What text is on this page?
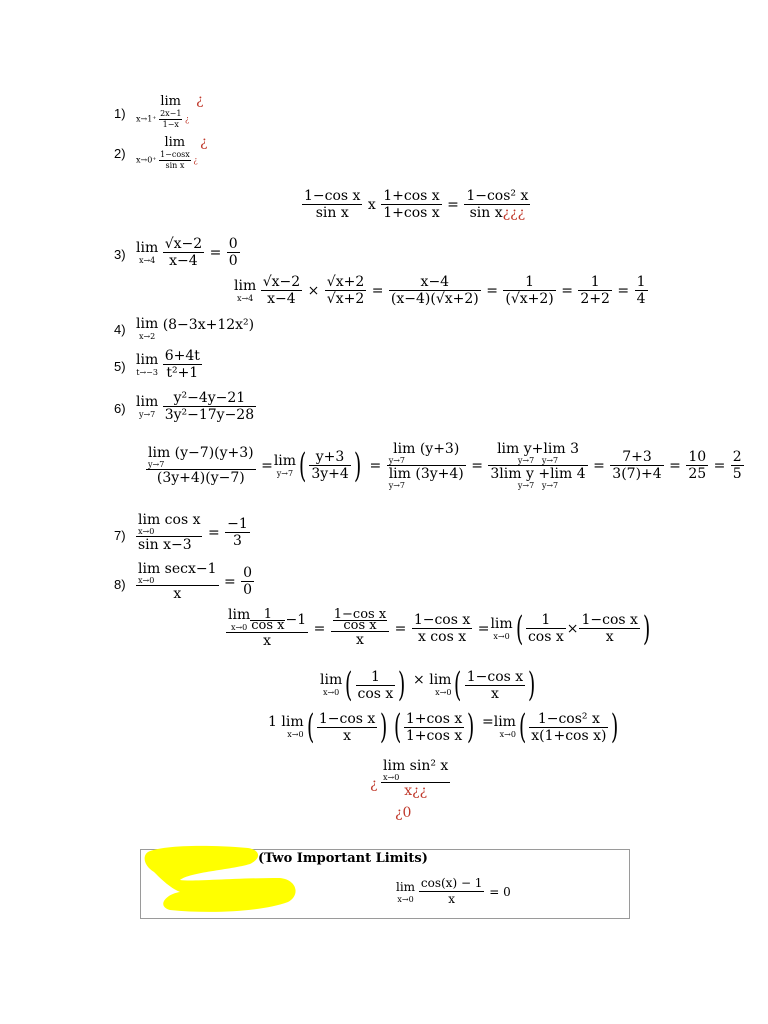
1)
lim
$x\to 1^+ \frac{2x-1}{1-x}$ ¿
¿
2)
lim
$x\to 0^+ \frac{1-\cos x}{\text{sin x}}$ ¿
¿
$\frac{\text{1−cos x}}{\text{sin x}}$ x $\frac{\text{1+cos x}}{\text{1+cos x}} = \frac{\text{1−cos² x}}{\text{sin x¿¿¿}}$
3) lim
x→4
$\frac{√x-2}{x-4} = \frac{0}{0}$
lim
x→4
$\frac{√x-2}{x-4} \times \frac{√x+2}{√x+2} = \frac{x-4}{(x-4)(√x+2)} = \frac{1}{(√x+2)} = \frac{1}{2+2} = \frac{1}{4}$
4) lim
x→2
(8−3x+12x²)
5) lim
t→−3
$\frac{6+4t}{\text{t²+1}}$
6) lim
y→7
$\frac{\text{y²−4y−21}}{\text{3y²−17y−28}}$
lim (y−7)(y+3)

y→7
(3y+4)(y−7)
= lim
y→7 ( $\frac{y+3}{3y+4}$ ) = lim (y+3)
y→7
lim (3y+4)
y→7 = lim y+lim 3
y→7   y→7
3lim y +lim 4
y→7   $y\to 7 = \frac{7+3}{3(7)+4} = \frac{10}{25} = \frac{2}{5}$
7) lim cos x
x→0
$\sin x-3 = \frac{-1}{3}$
8) lim secx−1
x→0
$x = \frac{0}{0}$
lim
$x\to 0 \frac{1}{\text{cos x}} -1$
$x = \frac{\frac{\text{1−cos x}}{\text{cos x}}}{x} = \frac{\text{1−cos x}}{\text{x cos x}} = \lim$
x→0 ( $\frac{1}{\text{cos x}} \times \frac{\text{1−cos x}}{x}$ )
lim
x→0 ( $\frac{1}{\text{cos x}}$ ) × lim
x→0 ( $\frac{\text{1−cos x}}{x}$ )
1 lim
x→0 ( $\frac{\text{1−cos x}}{x}$ ) ( $\frac{\text{1+cos x}}{\text{1+cos x}}$ ) =lim
x→0 ( $\frac{\text{1−cos² x}}{\text{x(1+cos x)}}$ )
¿ lim sin² x
x→0
x¿¿
¿0
(Two Important Limits)
lim
x→0
$\frac{\cos(x) - 1}{x} = 0$
